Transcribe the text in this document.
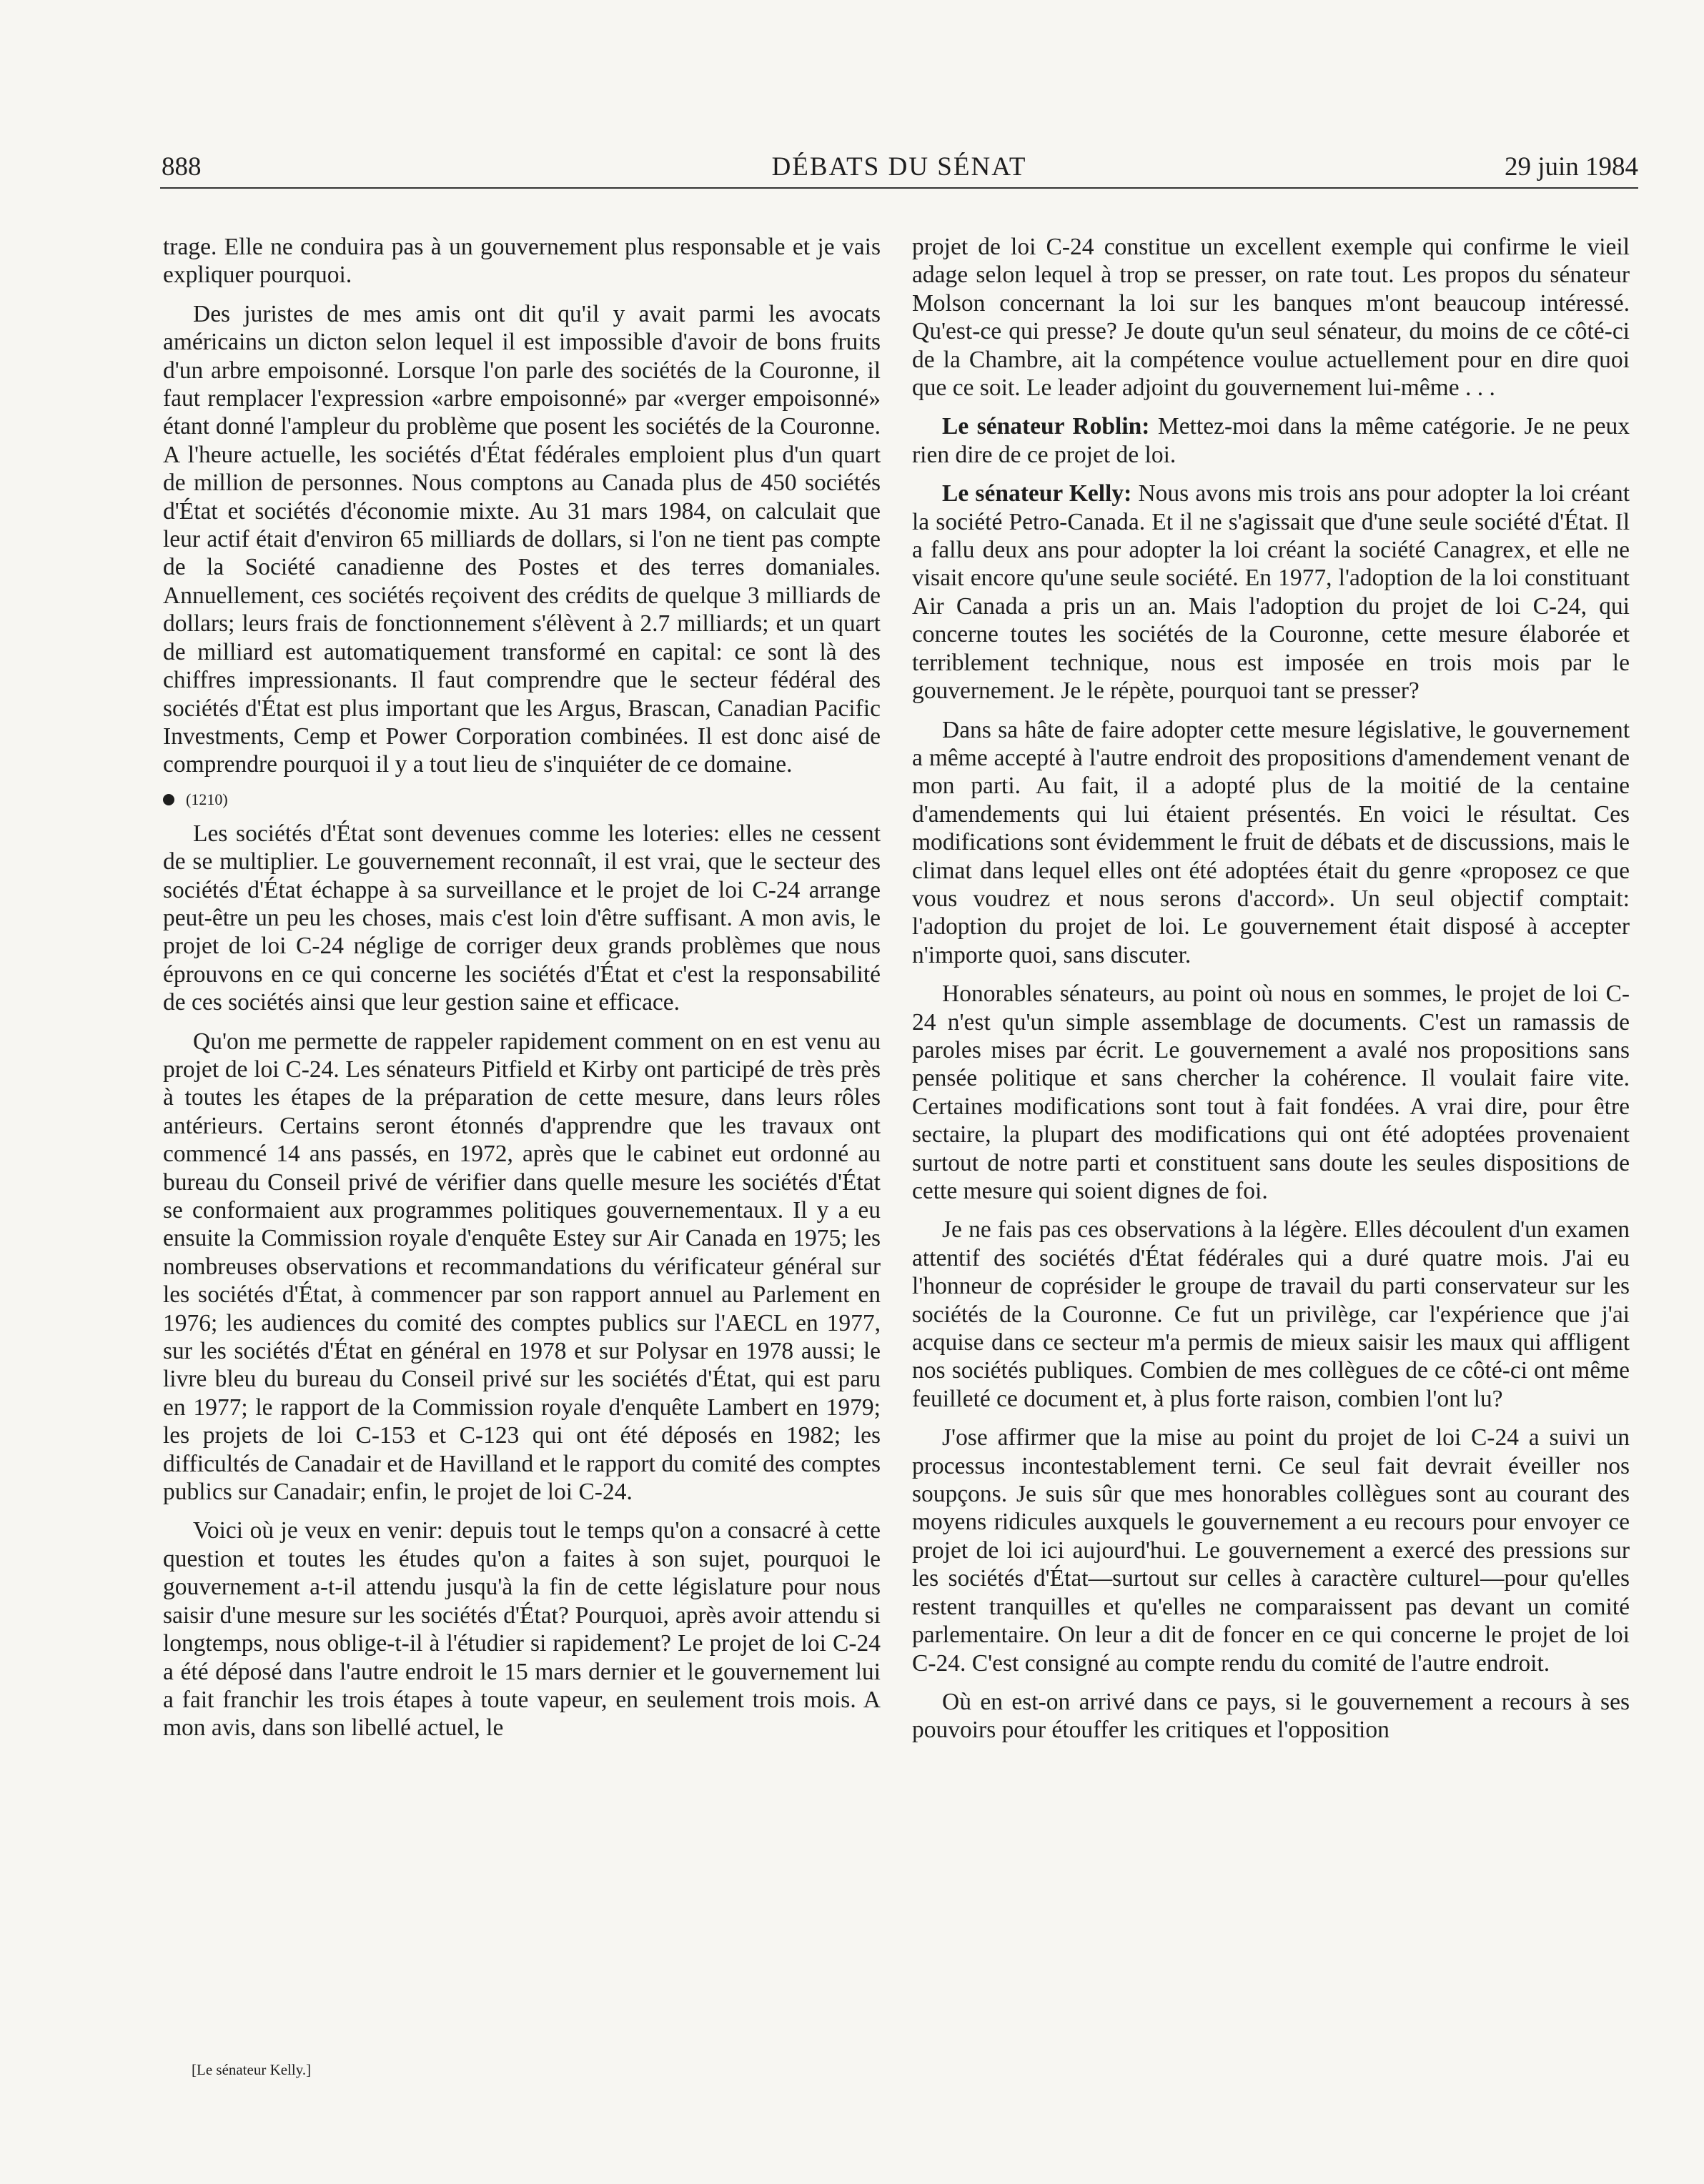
888	DÉBATS DU SÉNAT	29 juin 1984

trage. Elle ne conduira pas à un gouvernement plus responsable et je vais expliquer pourquoi.

Des juristes de mes amis ont dit qu'il y avait parmi les avocats américains un dicton selon lequel il est impossible d'avoir de bons fruits d'un arbre empoisonné. Lorsque l'on parle des sociétés de la Couronne, il faut remplacer l'expression «arbre empoisonné» par «verger empoisonné» étant donné l'ampleur du problème que posent les sociétés de la Couronne. A l'heure actuelle, les sociétés d'État fédérales emploient plus d'un quart de million de personnes. Nous comptons au Canada plus de 450 sociétés d'État et sociétés d'économie mixte. Au 31 mars 1984, on calculait que leur actif était d'environ 65 milliards de dollars, si l'on ne tient pas compte de la Société canadienne des Postes et des terres domaniales. Annuellement, ces sociétés reçoivent des crédits de quelque 3 milliards de dollars; leurs frais de fonctionnement s'élèvent à 2.7 milliards; et un quart de milliard est automatiquement transformé en capital: ce sont là des chiffres impressionants. Il faut comprendre que le secteur fédéral des sociétés d'État est plus important que les Argus, Brascan, Canadian Pacific Investments, Cemp et Power Corporation combinées. Il est donc aisé de comprendre pourquoi il y a tout lieu de s'inquiéter de ce domaine.

(1210)

Les sociétés d'État sont devenues comme les loteries: elles ne cessent de se multiplier. Le gouvernement reconnaît, il est vrai, que le secteur des sociétés d'État échappe à sa surveillance et le projet de loi C-24 arrange peut-être un peu les choses, mais c'est loin d'être suffisant. A mon avis, le projet de loi C-24 néglige de corriger deux grands problèmes que nous éprouvons en ce qui concerne les sociétés d'État et c'est la responsabilité de ces sociétés ainsi que leur gestion saine et efficace.

Qu'on me permette de rappeler rapidement comment on en est venu au projet de loi C-24. Les sénateurs Pitfield et Kirby ont participé de très près à toutes les étapes de la préparation de cette mesure, dans leurs rôles antérieurs. Certains seront étonnés d'apprendre que les travaux ont commencé 14 ans passés, en 1972, après que le cabinet eut ordonné au bureau du Conseil privé de vérifier dans quelle mesure les sociétés d'État se conformaient aux programmes politiques gouvernementaux. Il y a eu ensuite la Commission royale d'enquête Estey sur Air Canada en 1975; les nombreuses observations et recommandations du vérificateur général sur les sociétés d'État, à commencer par son rapport annuel au Parlement en 1976; les audiences du comité des comptes publics sur l'AECL en 1977, sur les sociétés d'État en général en 1978 et sur Polysar en 1978 aussi; le livre bleu du bureau du Conseil privé sur les sociétés d'État, qui est paru en 1977; le rapport de la Commission royale d'enquête Lambert en 1979; les projets de loi C-153 et C-123 qui ont été déposés en 1982; les difficultés de Canadair et de Havilland et le rapport du comité des comptes publics sur Canadair; enfin, le projet de loi C-24.

Voici où je veux en venir: depuis tout le temps qu'on a consacré à cette question et toutes les études qu'on a faites à son sujet, pourquoi le gouvernement a-t-il attendu jusqu'à la fin de cette législature pour nous saisir d'une mesure sur les sociétés d'État? Pourquoi, après avoir attendu si longtemps, nous oblige-t-il à l'étudier si rapidement? Le projet de loi C-24 a été déposé dans l'autre endroit le 15 mars dernier et le gouvernement lui a fait franchir les trois étapes à toute vapeur, en seulement trois mois. A mon avis, dans son libellé actuel, le

projet de loi C-24 constitue un excellent exemple qui confirme le vieil adage selon lequel à trop se presser, on rate tout. Les propos du sénateur Molson concernant la loi sur les banques m'ont beaucoup intéressé. Qu'est-ce qui presse? Je doute qu'un seul sénateur, du moins de ce côté-ci de la Chambre, ait la compétence voulue actuellement pour en dire quoi que ce soit. Le leader adjoint du gouvernement lui-même . . .

Le sénateur Roblin: Mettez-moi dans la même catégorie. Je ne peux rien dire de ce projet de loi.

Le sénateur Kelly: Nous avons mis trois ans pour adopter la loi créant la société Petro-Canada. Et il ne s'agissait que d'une seule société d'État. Il a fallu deux ans pour adopter la loi créant la société Canagrex, et elle ne visait encore qu'une seule société. En 1977, l'adoption de la loi constituant Air Canada a pris un an. Mais l'adoption du projet de loi C-24, qui concerne toutes les sociétés de la Couronne, cette mesure élaborée et terriblement technique, nous est imposée en trois mois par le gouvernement. Je le répète, pourquoi tant se presser?

Dans sa hâte de faire adopter cette mesure législative, le gouvernement a même accepté à l'autre endroit des propositions d'amendement venant de mon parti. Au fait, il a adopté plus de la moitié de la centaine d'amendements qui lui étaient présentés. En voici le résultat. Ces modifications sont évidemment le fruit de débats et de discussions, mais le climat dans lequel elles ont été adoptées était du genre «proposez ce que vous voudrez et nous serons d'accord». Un seul objectif comptait: l'adoption du projet de loi. Le gouvernement était disposé à accepter n'importe quoi, sans discuter.

Honorables sénateurs, au point où nous en sommes, le projet de loi C-24 n'est qu'un simple assemblage de documents. C'est un ramassis de paroles mises par écrit. Le gouvernement a avalé nos propositions sans pensée politique et sans chercher la cohérence. Il voulait faire vite. Certaines modifications sont tout à fait fondées. A vrai dire, pour être sectaire, la plupart des modifications qui ont été adoptées provenaient surtout de notre parti et constituent sans doute les seules dispositions de cette mesure qui soient dignes de foi.

Je ne fais pas ces observations à la légère. Elles découlent d'un examen attentif des sociétés d'État fédérales qui a duré quatre mois. J'ai eu l'honneur de coprésider le groupe de travail du parti conservateur sur les sociétés de la Couronne. Ce fut un privilège, car l'expérience que j'ai acquise dans ce secteur m'a permis de mieux saisir les maux qui affligent nos sociétés publiques. Combien de mes collègues de ce côté-ci ont même feuilleté ce document et, à plus forte raison, combien l'ont lu?

J'ose affirmer que la mise au point du projet de loi C-24 a suivi un processus incontestablement terni. Ce seul fait devrait éveiller nos soupçons. Je suis sûr que mes honorables collègues sont au courant des moyens ridicules auxquels le gouvernement a eu recours pour envoyer ce projet de loi ici aujourd'hui. Le gouvernement a exercé des pressions sur les sociétés d'État—surtout sur celles à caractère culturel—pour qu'elles restent tranquilles et qu'elles ne comparaissent pas devant un comité parlementaire. On leur a dit de foncer en ce qui concerne le projet de loi C-24. C'est consigné au compte rendu du comité de l'autre endroit.

Où en est-on arrivé dans ce pays, si le gouvernement a recours à ses pouvoirs pour étouffer les critiques et l'opposition

[Le sénateur Kelly.]
